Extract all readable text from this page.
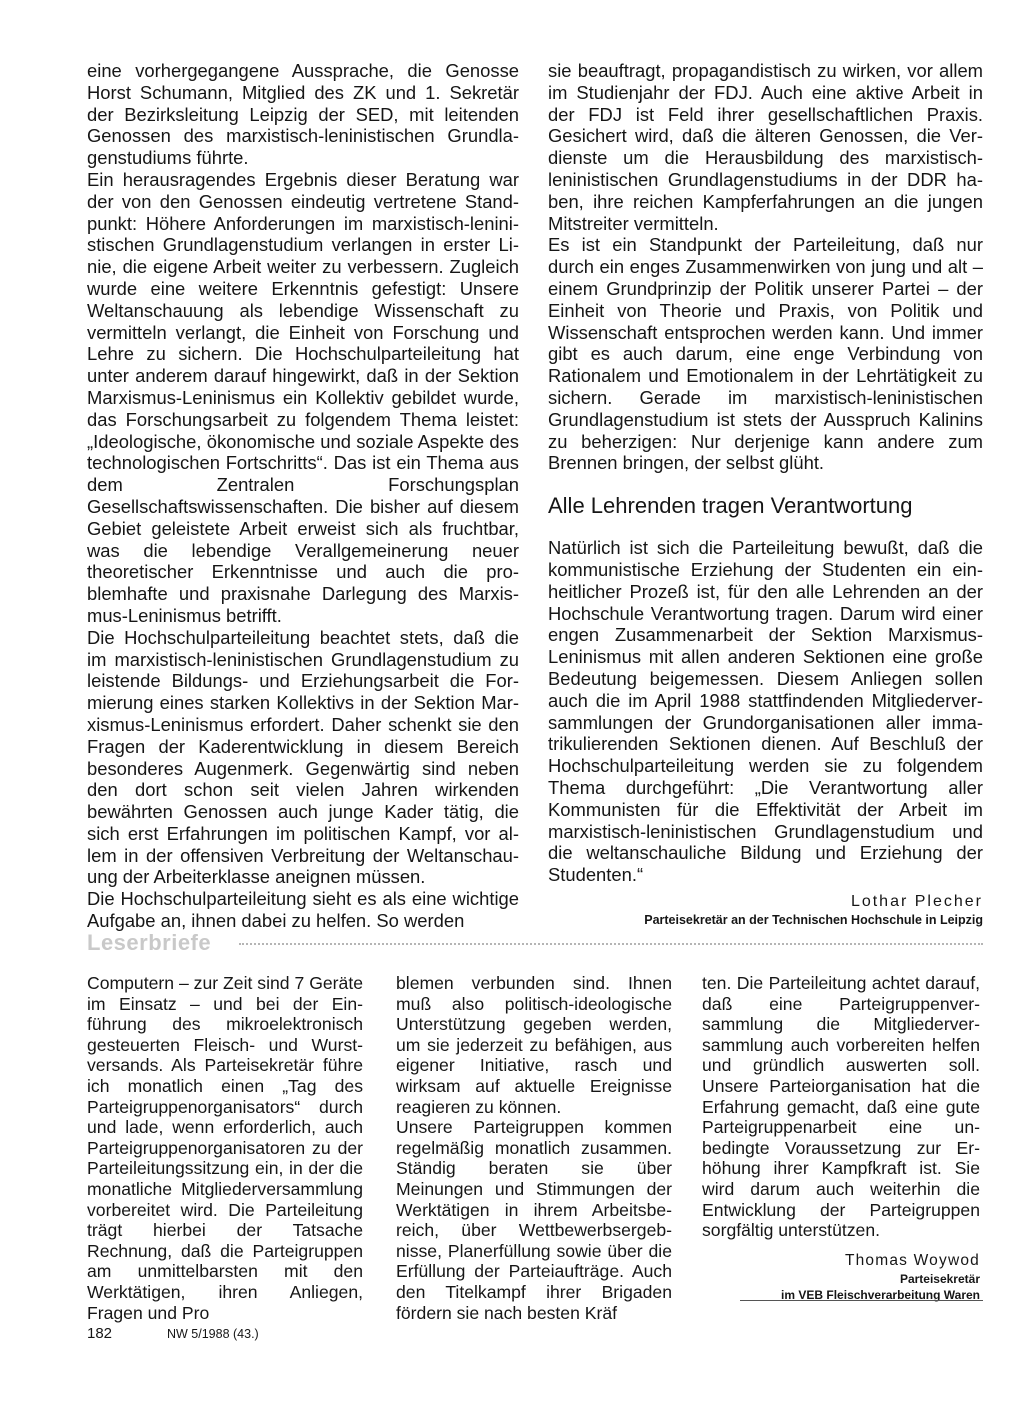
eine vorhergegangene Aussprache, die Genosse Horst Schumann, Mitglied des ZK und 1. Sekretär der Bezirksleitung Leipzig der SED, mit leitenden Genossen des marxistisch-leninistischen Grundlagenstudiums führte.

Ein herausragendes Ergebnis dieser Beratung war der von den Genossen eindeutig vertretene Standpunkt: Höhere Anforderungen im marxistisch-leninistischen Grundlagenstudium verlangen in erster Linie, die eigene Arbeit weiter zu verbessern. Zugleich wurde eine weitere Erkenntnis gefestigt: Unsere Weltanschauung als lebendige Wissenschaft zu vermitteln verlangt, die Einheit von Forschung und Lehre zu sichern. Die Hochschulparteileitung hat unter anderem darauf hingewirkt, daß in der Sektion Marxismus-Leninismus ein Kollektiv gebildet wurde, das Forschungsarbeit zu folgendem Thema leistet: „Ideologische, ökonomische und soziale Aspekte des technologischen Fortschritts“. Das ist ein Thema aus dem Zentralen Forschungsplan Gesellschaftswissenschaften. Die bisher auf diesem Gebiet geleistete Arbeit erweist sich als fruchtbar, was die lebendige Verallgemeinerung neuer theoretischer Erkenntnisse und auch die problemhafte und praxisnahe Darlegung des Marxismus-Leninismus betrifft.

Die Hochschulparteileitung beachtet stets, daß die im marxistisch-leninistischen Grundlagenstudium zu leistende Bildungs- und Erziehungsarbeit die Formierung eines starken Kollektivs in der Sektion Marxismus-Leninismus erfordert. Daher schenkt sie den Fragen der Kaderentwicklung in diesem Bereich besonderes Augenmerk. Gegenwärtig sind neben den dort schon seit vielen Jahren wirkenden bewährten Genossen auch junge Kader tätig, die sich erst Erfahrungen im politischen Kampf, vor allem in der offensiven Verbreitung der Weltanschauung der Arbeiterklasse aneignen müssen.

Die Hochschulparteileitung sieht es als eine wichtige Aufgabe an, ihnen dabei zu helfen. So werden

sie beauftragt, propagandistisch zu wirken, vor allem im Studienjahr der FDJ. Auch eine aktive Arbeit in der FDJ ist Feld ihrer gesellschaftlichen Praxis. Gesichert wird, daß die älteren Genossen, die Verdienste um die Herausbildung des marxistisch-leninistischen Grundlagenstudiums in der DDR haben, ihre reichen Kampferfahrungen an die jungen Mitstreiter vermitteln.

Es ist ein Standpunkt der Parteileitung, daß nur durch ein enges Zusammenwirken von jung und alt – einem Grundprinzip der Politik unserer Partei – der Einheit von Theorie und Praxis, von Politik und Wissenschaft entsprochen werden kann. Und immer gibt es auch darum, eine enge Verbindung von Rationalem und Emotionalem in der Lehrtätigkeit zu sichern. Gerade im marxistisch-leninistischen Grundlagenstudium ist stets der Ausspruch Kalinins zu beherzigen: Nur derjenige kann andere zum Brennen bringen, der selbst glüht.

Alle Lehrenden tragen Verantwortung

Natürlich ist sich die Parteileitung bewußt, daß die kommunistische Erziehung der Studenten ein einheitlicher Prozeß ist, für den alle Lehrenden an der Hochschule Verantwortung tragen. Darum wird einer engen Zusammenarbeit der Sektion Marxismus-Leninismus mit allen anderen Sektionen eine große Bedeutung beigemessen. Diesem Anliegen sollen auch die im April 1988 stattfindenden Mitgliederversammlungen der Grundorganisationen aller immatrikulierenden Sektionen dienen. Auf Beschluß der Hochschulparteileitung werden sie zu folgendem Thema durchgeführt: „Die Verantwortung aller Kommunisten für die Effektivität der Arbeit im marxistisch-leninistischen Grundlagenstudium und die weltanschauliche Bildung und Erziehung der Studenten.“

Lothar Plecher
Parteisekretär an der Technischen Hochschule in Leipzig
Leserbriefe

Computern – zur Zeit sind 7 Geräte im Einsatz – und bei der Einführung des mikroelektronisch gesteuerten Fleisch- und Wurstversands. Als Parteisekretär führe ich monatlich einen „Tag des Parteigruppenorganisators“ durch und lade, wenn erforderlich, auch Parteigruppenorganisatoren zu der Parteileitungssitzung ein, in der die monatliche Mitgliederversammlung vorbereitet wird. Die Parteileitung trägt hierbei der Tatsache Rechnung, daß die Parteigruppen am unmittelbarsten mit den Werktätigen, ihren Anliegen, Fragen und Pro

blemen verbunden sind. Ihnen muß also politisch-ideologische Unterstützung gegeben werden, um sie jederzeit zu befähigen, aus eigener Initiative, rasch und wirksam auf aktuelle Ereignisse reagieren zu können.

Unsere Parteigruppen kommen regelmäßig monatlich zusammen. Ständig beraten sie über Meinungen und Stimmungen der Werktätigen in ihrem Arbeitsbereich, über Wettbewerbsergebnisse, Planerfüllung sowie über die Erfüllung der Parteiaufträge. Auch den Titelkampf ihrer Brigaden fördern sie nach besten Kräf

ten. Die Parteileitung achtet darauf, daß eine Parteigruppenversammlung die Mitgliederversammlung auch vorbereiten helfen und gründlich auswerten soll. Unsere Parteiorganisation hat die Erfahrung gemacht, daß eine gute Parteigruppenarbeit eine unbedingte Voraussetzung zur Erhöhung ihrer Kampfkraft ist. Sie wird darum auch weiterhin die Entwicklung der Parteigruppen sorgfältig unterstützen.

Thomas Woywod
Parteisekretär
im VEB Fleischverarbeitung Waren
182	NW 5/1988 (43.)
